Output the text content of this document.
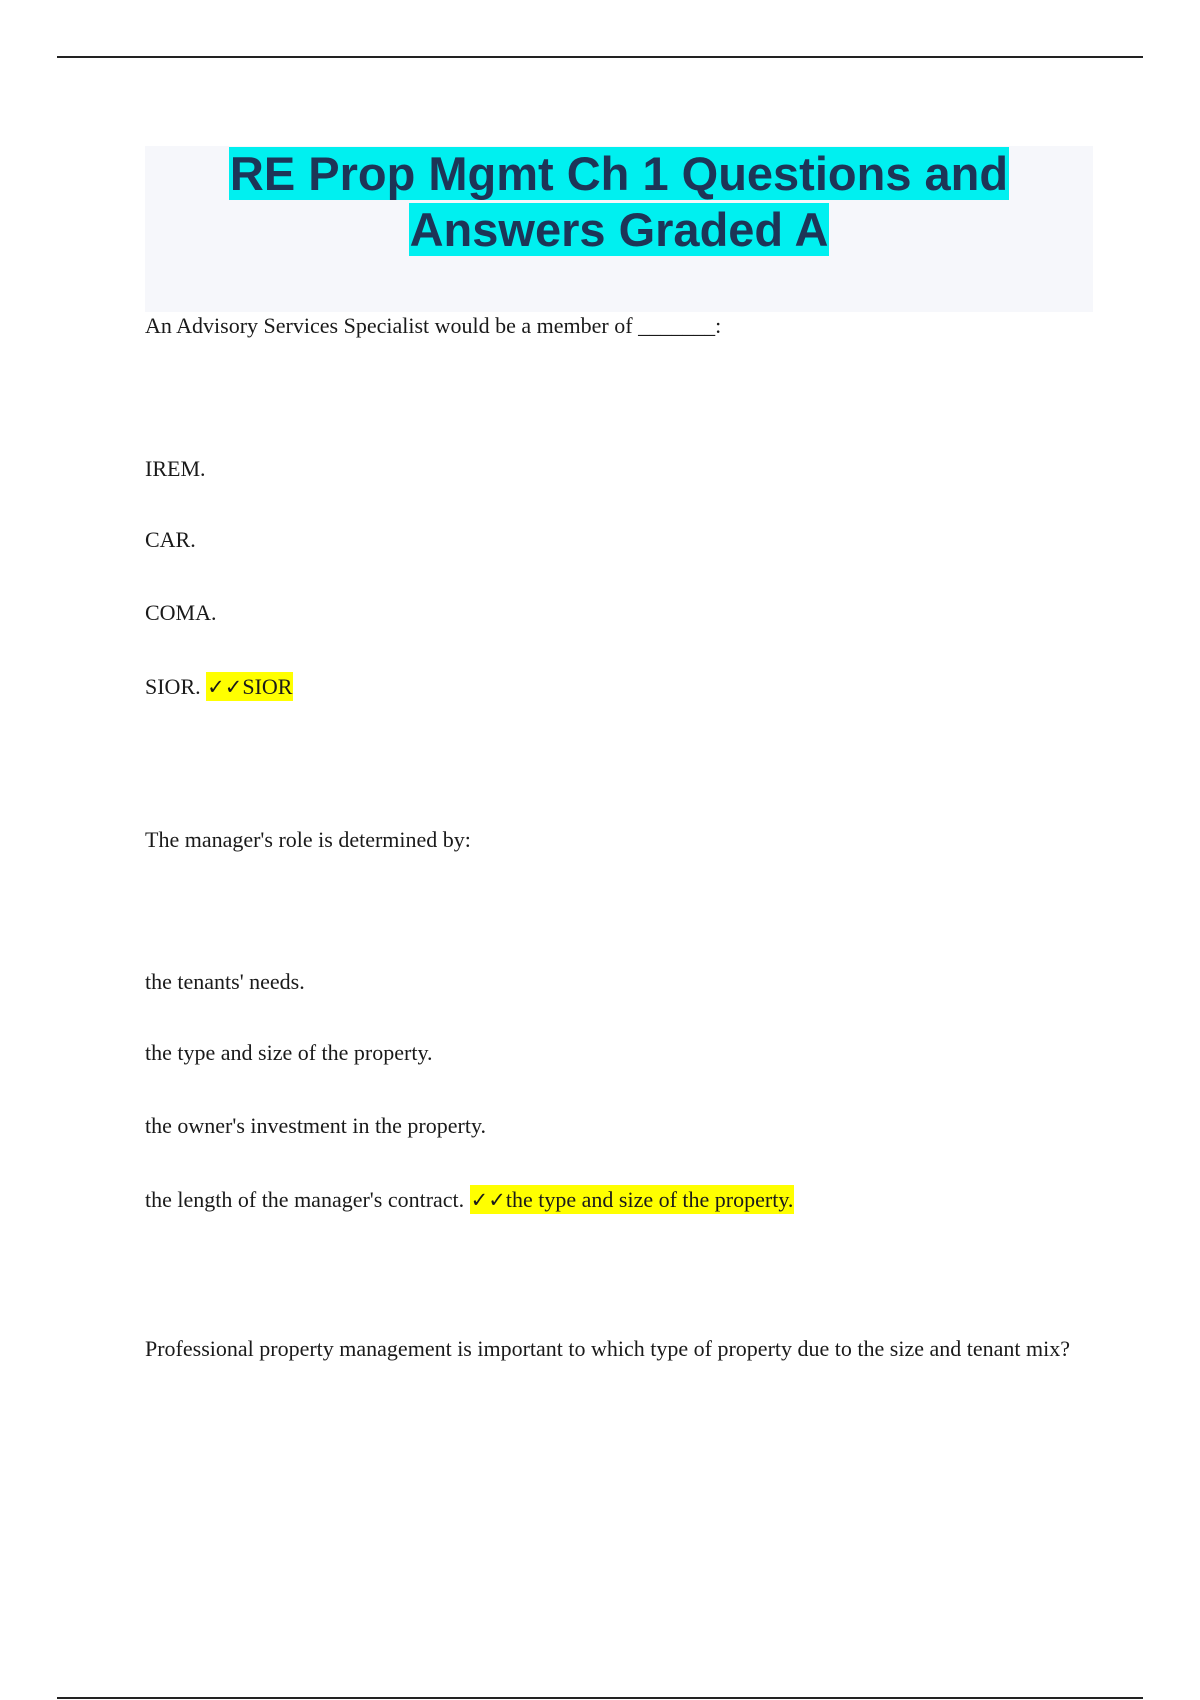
RE Prop Mgmt Ch 1 Questions and
Answers Graded A
An Advisory Services Specialist would be a member of _______:
IREM.
CAR.
COMA.
SIOR. ✓✓SIOR
The manager's role is determined by:
the tenants' needs.
the type and size of the property.
the owner's investment in the property.
the length of the manager's contract. ✓✓the type and size of the property.
Professional property management is important to which type of property due to the size and tenant mix?
